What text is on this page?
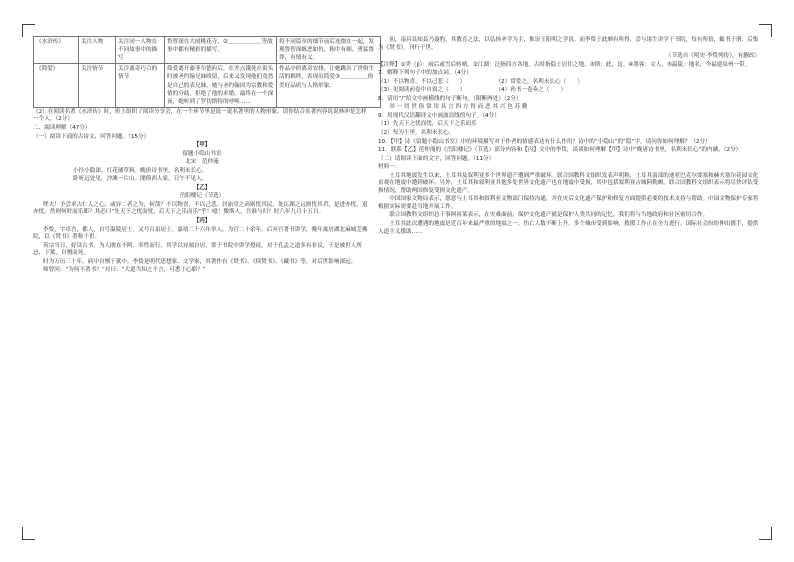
《水浒传》	关注人物	关注同一人物在不同故事中的描写	鲁智深在大闹桃花寺、②＿＿＿＿＿＿等故事中都有精彩的描写。	将不同篇章的细节前后连缀在一起，发现鲁智深嫉恶如仇、粗中有细、勇猛鲁莽、有情有义。
《简爱》	关注情节	关注离奇巧合的情节	简爱离开桑菲尔德府后，在差点饿死在街头时被圣约翰兄妹收留，后来又发现他们竟然是自己的表兄妹。她与圣约翰因为宗教和爱情的分歧，拒绝了他的求婚。最终在一个深夜，她听到了罗切斯特的呼唤……	作品中的离奇安排，让她跳出了世俗生活的羁绊，表现出简爱③＿＿＿＿＿的美好品质与人格形象。
（2）在阅读名著《水浒传》时，班上组织了阅读分享会，在一个环节里是说一说名著里的人物形象，请你结合名著内容说说林冲是怎样一个人。（2分）
二、阅读理解（47分）
（一）阅读下面的古诗文，回答问题。（15分）
【甲】
留题小隐山书室
北宋　范仲淹
小径小隐深，红花铺草料。晚唐诗书里，名利未长心。
卧听远处见，沙滩一片山。閒倚西人家，日午不见人。
【乙】
岳阳楼记（节选）
嗟夫！予尝求古仁人之心，或异二者之为，何哉？不以物喜，不以己悲。居庙堂之高则忧其民，处江湖之远则忧其君。是进亦忧，退亦忧。然则何时而乐耶？其必曰“先天下之忧而忧，后天下之乐而乐”乎！噫！微斯人，吾谁与归？时六年九月十五日。
【丙】
李贽，字卓吾，都人，自号温陵居士。又号百泉居士。嘉靖二十六年举人，为官二十余年，后弃官著书讲学，晚年寓居湖北麻城芝佛院，以《焚书》著称于世。
英宗当日，好读古书，为人刚直不阿，率性而行。其学以异端自居，常于书院中讲学授徒，对于孔孟之道多有非议，于是被世人所忌，下狱，自刎而死。
时为万历三十年，病中自刎于狱中。李贽是明代思想家、文学家，其著作有《焚书》、《续焚书》、《藏书》等，对后世影响深远。
师曾问：“为何不著书？”对曰：“大道当知之不言，可悉于心耶？”
　　初，南昌县知县乃聂豹，其教育之法，以弘扬圣学为主，推崇王阳明之学说。而李贽于此颇有所得，尝与诸生讲学于书院，每有所悟，辄书于册，后集为《焚书》，刊行于世。
（节选自《明史·李贽列传》，有删改）
【注释】①霁（jì）：雨后或雪后转晴。②江湖：泛指四方各地，古时指隐士居住之地。③斯：此，这。④墨客：文人。⑤温陵：地名，今福建泉州一带。
7．解释下列句子中的加点词。（4分）
（1）不以物喜，不以己悲（　　）	（2）常爱之，名利未长心（　　）
（3）见阅读前卷中自叙之（　　）	（4）孙书一卷奏之（　　）
8．请用“/”给文中画横线的句子断句。（限断两处）（2分）
　　举 一 切 世 俗 常 用 具 言 四 方 得 而 恶 其 兴 也 苏 勤
9．用现代汉语翻译文中画波浪线的句子。（4分）
（1）先天下之忧而忧，后天下之乐而乐
（2）每为千里，名利未长心。
10．【甲】诗《留题小隐山书室》中的环境描写对于作者的情感表达有什么作用？诗中的“小隐山”的“隐”字，请问你如何理解？（2分）
11．联系【乙】范仲淹的《岳阳楼记》（节选）部分内容和【丙】文中的李贽，谈谈如何理解【甲】诗中“晚唐诗书里，名利未长心”的内涵。（2分）
（二）请阅读下面的文字，回答问题。（11分）
材料一：
　　土耳其地震发生以来，土耳其及叙利亚多个世界遗产遭到严重破坏。联合国教科文组织发表声明称，土耳其南部的迪亚巴克尔要塞和赫夫塞尔花园文化景观在地震中遭到破坏。另外，土耳其和叙利亚其他多处世界文化遗产也在地震中受损，其中包括叙利亚古城阿勒颇。联合国教科文组织表示将尽快评估受损情况，帮助两国修复受损文化遗产。
　　中国国家文物局表示，愿意与土耳其和叙利亚文物部门保持沟通，并在灾后文化遗产保护和修复方面提供必要的技术支持与帮助。中国文物保护专家将根据实际需要赴当地开展工作。
　　联合国教科文组织总干事阿祖莱表示，在灾难面前，保护文化遗产就是保护人类共同的记忆，我们将与当地政府和社区密切合作。
　　土耳其此次遭遇的地震是近百年来最严重的地震之一，伤亡人数不断上升，多个城市受到影响，救援工作正在全力进行，国际社会纷纷伸出援手，提供人道主义援助……
